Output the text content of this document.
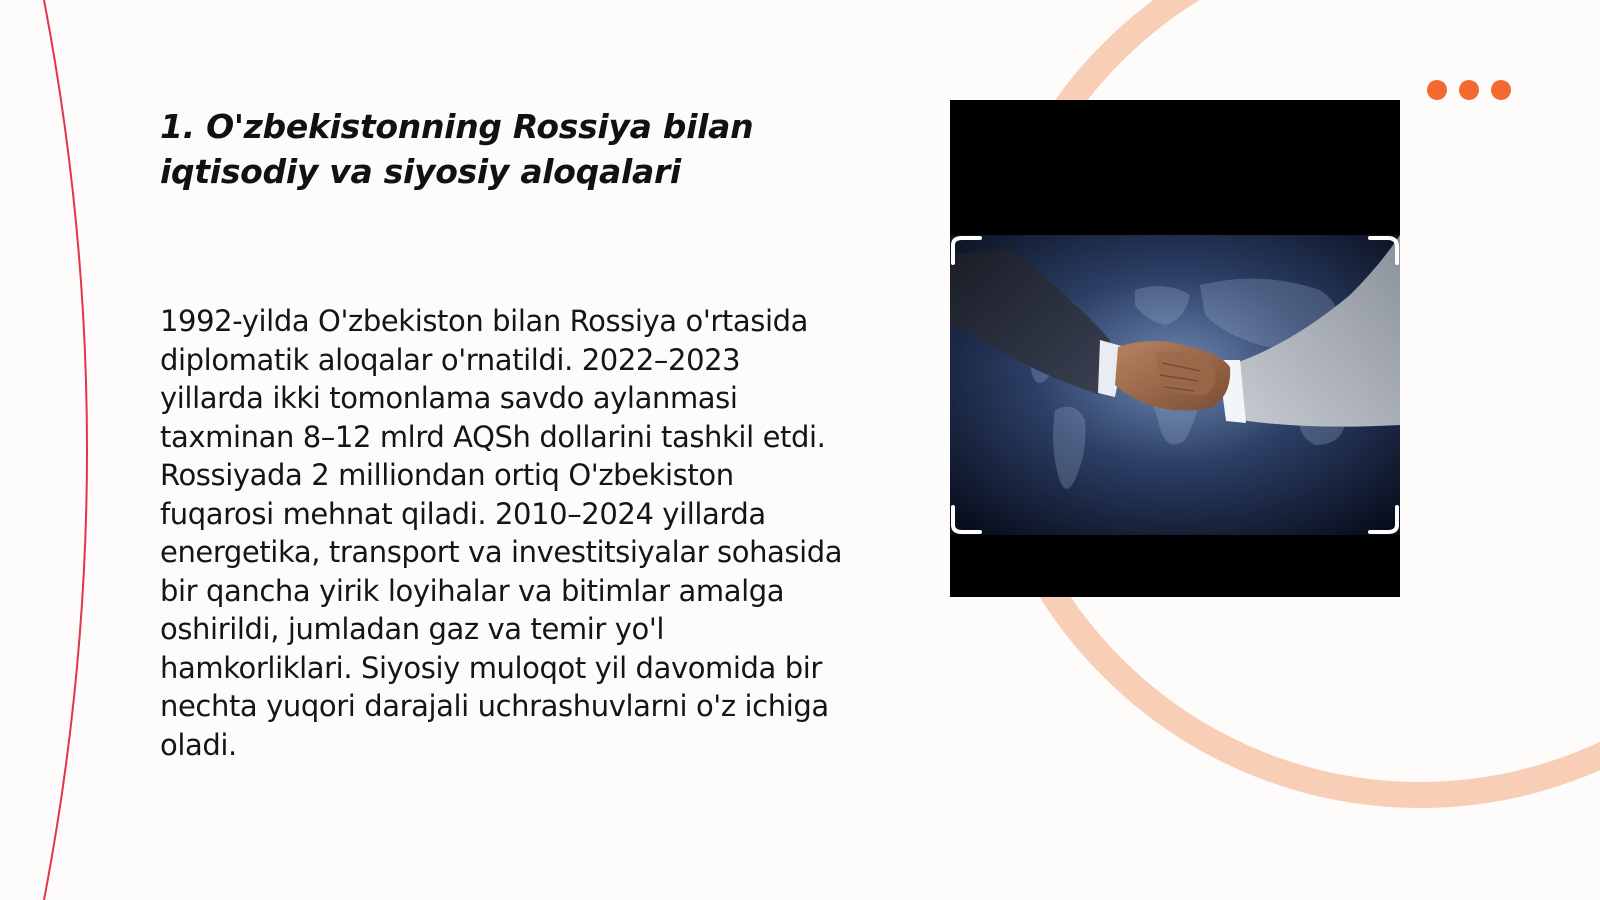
1. O'zbekistonning Rossiya bilan iqtisodiy va siyosiy aloqalari

1992-yilda O'zbekiston bilan Rossiya o'rtasida diplomatik aloqalar o'rnatildi. 2022–2023 yillarda ikki tomonlama savdo aylanmasi taxminan 8–12 mlrd AQSh dollarini tashkil etdi. Rossiyada 2 milliondan ortiq O'zbekiston fuqarosi mehnat qiladi. 2010–2024 yillarda energetika, transport va investitsiyalar sohasida bir qancha yirik loyihalar va bitimlar amalga oshirildi, jumladan gaz va temir yo'l hamkorliklari. Siyosiy muloqot yil davomida bir nechta yuqori darajali uchrashuvlarni o'z ichiga oladi.
